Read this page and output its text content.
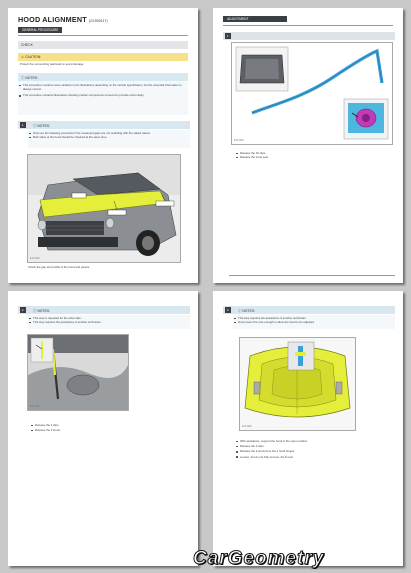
HOOD ALIGNMENT (G1930117)
GENERAL PROCEDURE
CHECK
⚠ CAUTION:
Protect the surrounding paintwork to avoid damage.
ⓘ NOTES:
This procedure contains some variation in the illustrations depending on the vehicle specification, but the essential information is always correct.
This procedure contains illustrations showing certain components removed to provide extra clarity.
1.	ⓘ NOTES:
Only use the following procedure if the measured gaps are not matching with the stated values.
Both sides of the hood should be checked at the same time.
E174119
Check the gap and profile of the hood and panels.
ADJUSTMENT
1.
E174120
Release the 16 clips.
Release the hood seal.
2.	ⓘ NOTES:
This step is repeated for the other side.
This step requires the assistance of another technician.
E174121
Release the 2 clips.
Release the 2 struts.
3.	ⓘ NOTES:
This step requires the assistance of another technician.
Only loosen the nuts enough to allow the hood to be adjusted.
E174122
With assistance, support the hood in the open position.
Release the 2 clips.
Release the 2 struts from the 2 hood hinges.
Loosen, but do not fully remove, the 8 nuts.
CarGeometry
